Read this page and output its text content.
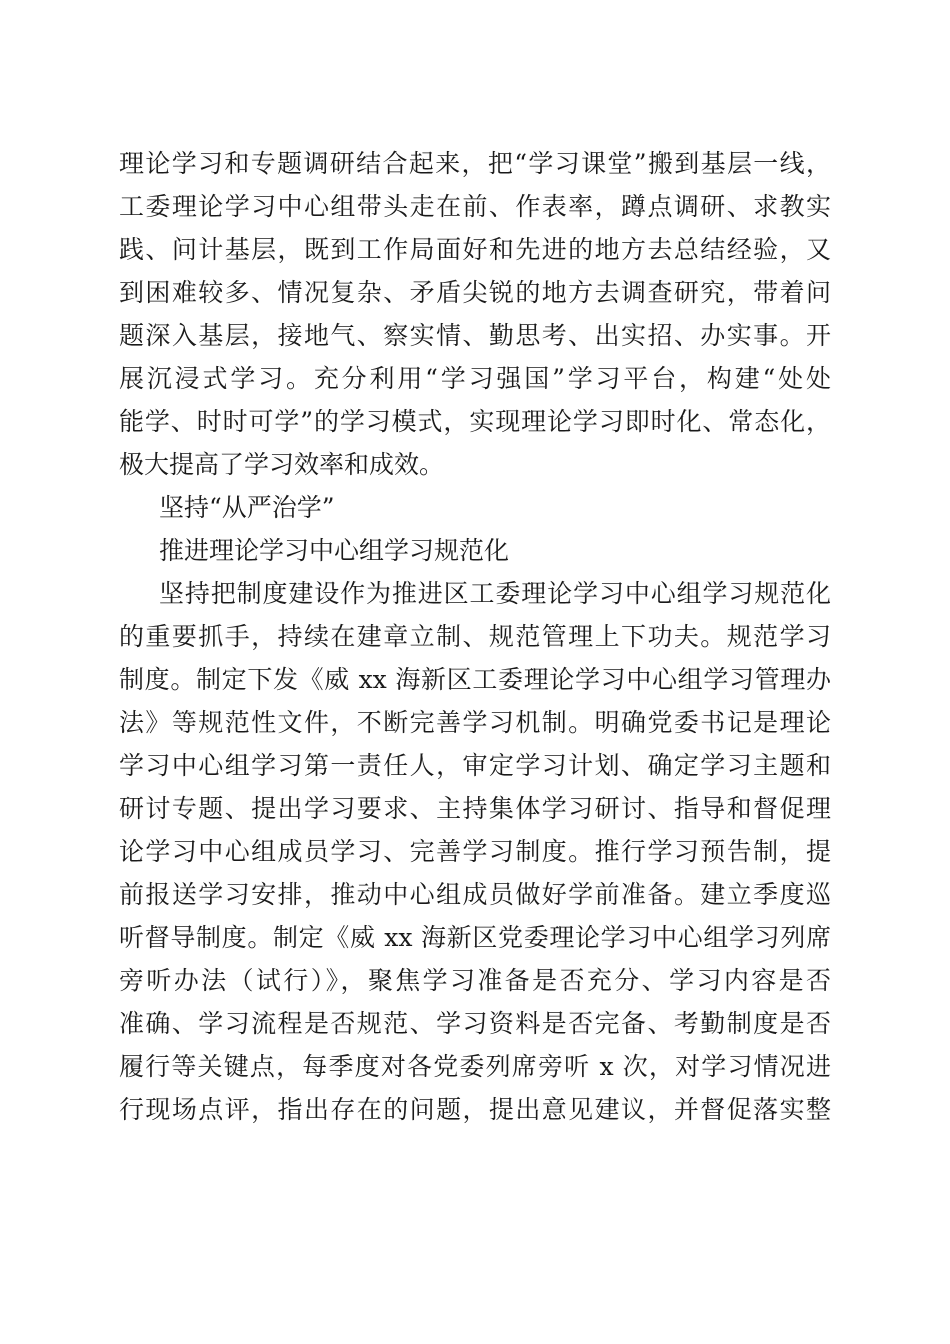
理论学习和专题调研结合起来，把“学习课堂”搬到基层一线，
工委理论学习中心组带头走在前、作表率，蹲点调研、求教实
践、问计基层，既到工作局面好和先进的地方去总结经验，又
到困难较多、情况复杂、矛盾尖锐的地方去调查研究，带着问
题深入基层，接地气、察实情、勤思考、出实招、办实事。开
展沉浸式学习。充分利用“学习强国”学习平台，构建“处处
能学、时时可学”的学习模式，实现理论学习即时化、常态化，
极大提高了学习效率和成效。
坚持“从严治学”
推进理论学习中心组学习规范化
坚持把制度建设作为推进区工委理论学习中心组学习规范化
的重要抓手，持续在建章立制、规范管理上下功夫。规范学习
制度。制定下发《威 xx 海新区工委理论学习中心组学习管理办
法》等规范性文件，不断完善学习机制。明确党委书记是理论
学习中心组学习第一责任人，审定学习计划、确定学习主题和
研讨专题、提出学习要求、主持集体学习研讨、指导和督促理
论学习中心组成员学习、完善学习制度。推行学习预告制，提
前报送学习安排，推动中心组成员做好学前准备。建立季度巡
听督导制度。制定《威 xx 海新区党委理论学习中心组学习列席
旁听办法（试行）》，聚焦学习准备是否充分、学习内容是否
准确、学习流程是否规范、学习资料是否完备、考勤制度是否
履行等关键点，每季度对各党委列席旁听 x 次，对学习情况进
行现场点评，指出存在的问题，提出意见建议，并督促落实整
